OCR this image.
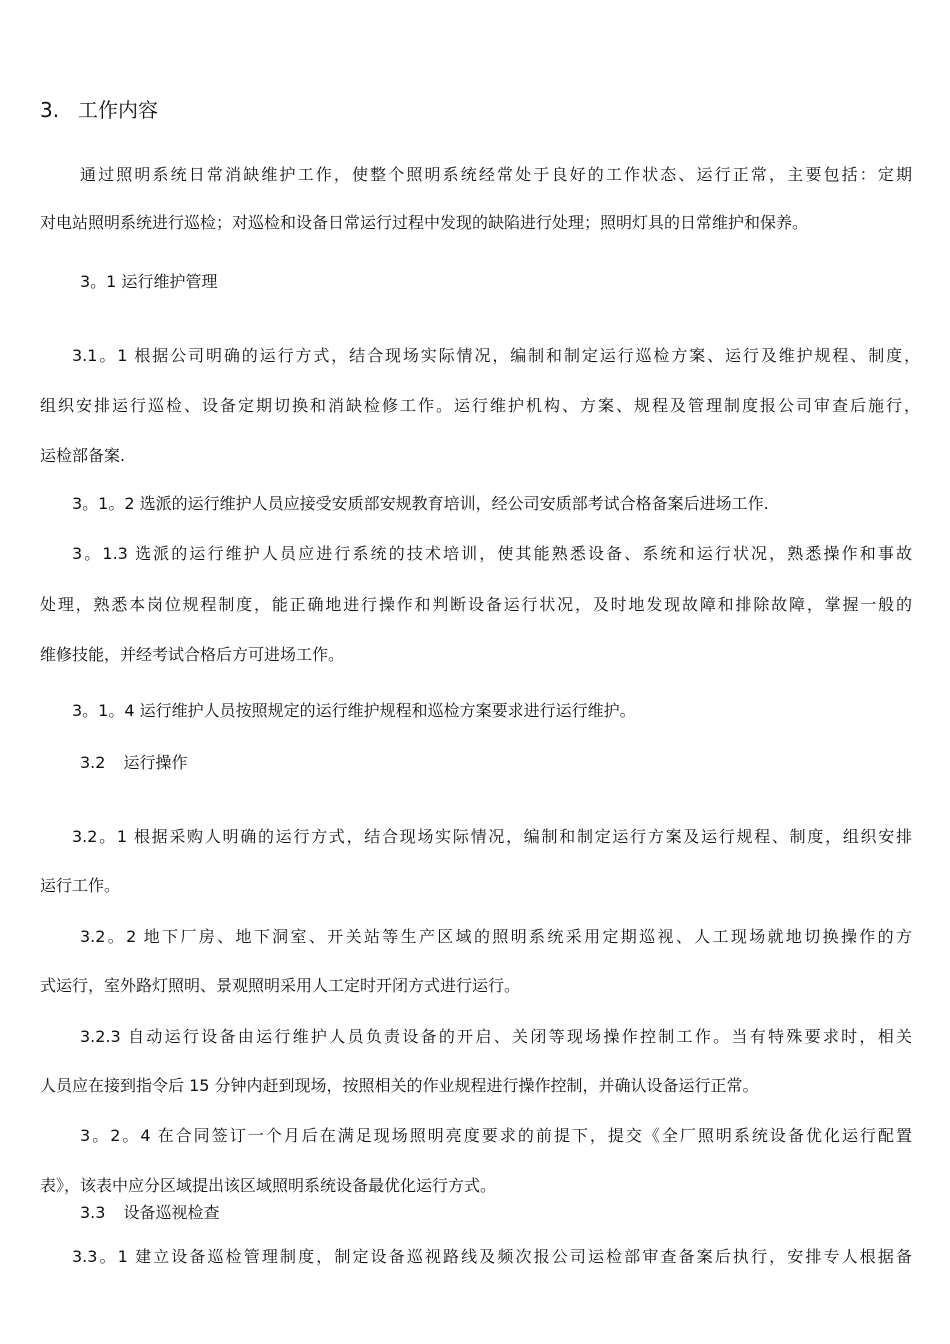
3. 工作内容
通过照明系统日常消缺维护工作，使整个照明系统经常处于良好的工作状态、运行正常，主要包括：定期
对电站照明系统进行巡检；对巡检和设备日常运行过程中发现的缺陷进行处理；照明灯具的日常维护和保养。
3。1 运行维护管理
3.1。1 根据公司明确的运行方式，结合现场实际情况，编制和制定运行巡检方案、运行及维护规程、制度，
组织安排运行巡检、设备定期切换和消缺检修工作。运行维护机构、方案、规程及管理制度报公司审查后施行，
运检部备案.
3。1。2 选派的运行维护人员应接受安质部安规教育培训，经公司安质部考试合格备案后进场工作.
3。1.3 选派的运行维护人员应进行系统的技术培训，使其能熟悉设备、系统和运行状况，熟悉操作和事故
处理，熟悉本岗位规程制度，能正确地进行操作和判断设备运行状况，及时地发现故障和排除故障，掌握一般的
维修技能，并经考试合格后方可进场工作。
3。1。4 运行维护人员按照规定的运行维护规程和巡检方案要求进行运行维护。
3.2 运行操作
3.2。1 根据采购人明确的运行方式，结合现场实际情况，编制和制定运行方案及运行规程、制度，组织安排
运行工作。
3.2。2 地下厂房、地下洞室、开关站等生产区域的照明系统采用定期巡视、人工现场就地切换操作的方
式运行，室外路灯照明、景观照明采用人工定时开闭方式进行运行。
3.2.3 自动运行设备由运行维护人员负责设备的开启、关闭等现场操作控制工作。当有特殊要求时，相关
人员应在接到指令后 15 分钟内赶到现场，按照相关的作业规程进行操作控制，并确认设备运行正常。
3。2。4 在合同签订一个月后在满足现场照明亮度要求的前提下，提交《全厂照明系统设备优化运行配置
表》，该表中应分区域提出该区域照明系统设备最优化运行方式。
3.3 设备巡视检查
3.3。1 建立设备巡检管理制度，制定设备巡视路线及频次报公司运检部审查备案后执行，安排专人根据备
